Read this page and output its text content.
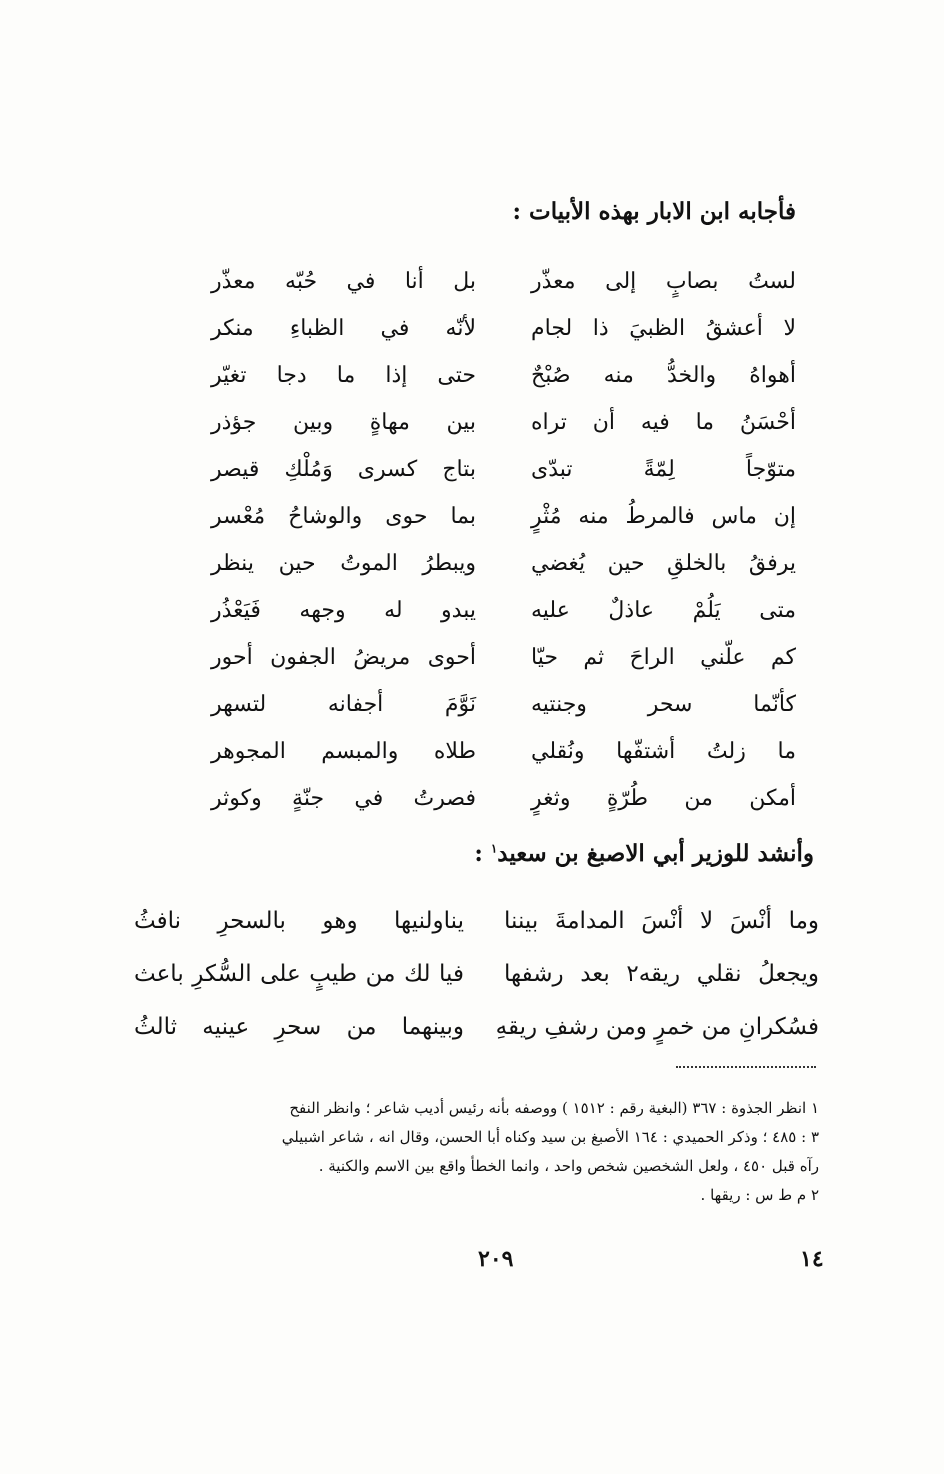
فأجابه ابن الابار بهذه الأبيات :
لستُ بصابٍ إلى معذّر
بل أنا في حُبّه معذّر
لا أعشقُ الظبيَ ذا لجام
لأنّه في الظباءِ منكر
أهواهُ والخدُّ منه صُبْحٌ
حتى إذا ما دجا تغيّر
أحْسَنُ ما فيه أن تراه
بين مهاةٍ وبين جؤذر
متوّجاً لِمّةً تبدّى
بتاج كسرى وَمُلْكِ قيصر
إن ماس فالمرطُ منه مُثْرٍ
بما حوى والوشاحُ مُعْسر
يرفقُ بالخلقِ حين يُغضي
ويبطرُ الموتُ حين ينظر
متى يَلُمْ عاذلٌ عليه
يبدو له وجهه فَيَعْذُر
كم علّني الراحَ ثم حيّا
أحوى مريضُ الجفون أحور
كأنّما سحر وجنتيه
نَوَّمَ أجفانه لتسهر
ما زلتُ أشتفّها ونُقلي
طلاه والمبسم المجوهر
أمكن من طُرّةٍ وثغرٍ
فصرتُ في جنّةٍ وكوثر
وأنشد للوزير أبي الاصبغ بن سعيد$^١$ :
وما أنْسَ لا أنْسَ المدامةَ بيننا
يناولنيها وهو بالسحرِ نافثُ
ويجعلُ نقلي ريقه٢ بعد رشفها
فيا لك من طيبٍ على السُّكرِ باعث
فسُكرانِ من خمرٍ ومن رشفِ ريقهِ
وبينهما من سحرِ عينيه ثالثُ
١ انظر الجذوة : ٣٦٧ (البغية رقم : ١٥١٢ ) ووصفه بأنه رئيس أديب شاعر ؛ وانظر النفح
٣ : ٤٨٥ ؛ وذكر الحميدي : ١٦٤ الأصبغ بن سيد وكناه أبا الحسن، وقال انه ، شاعر اشبيلي
رآه قبل ٤٥٠ ، ولعل الشخصين شخص واحد ، وانما الخطأ واقع بين الاسم والكنية .
٢ م ط س : ريقها .
٢٠٩	١٤
